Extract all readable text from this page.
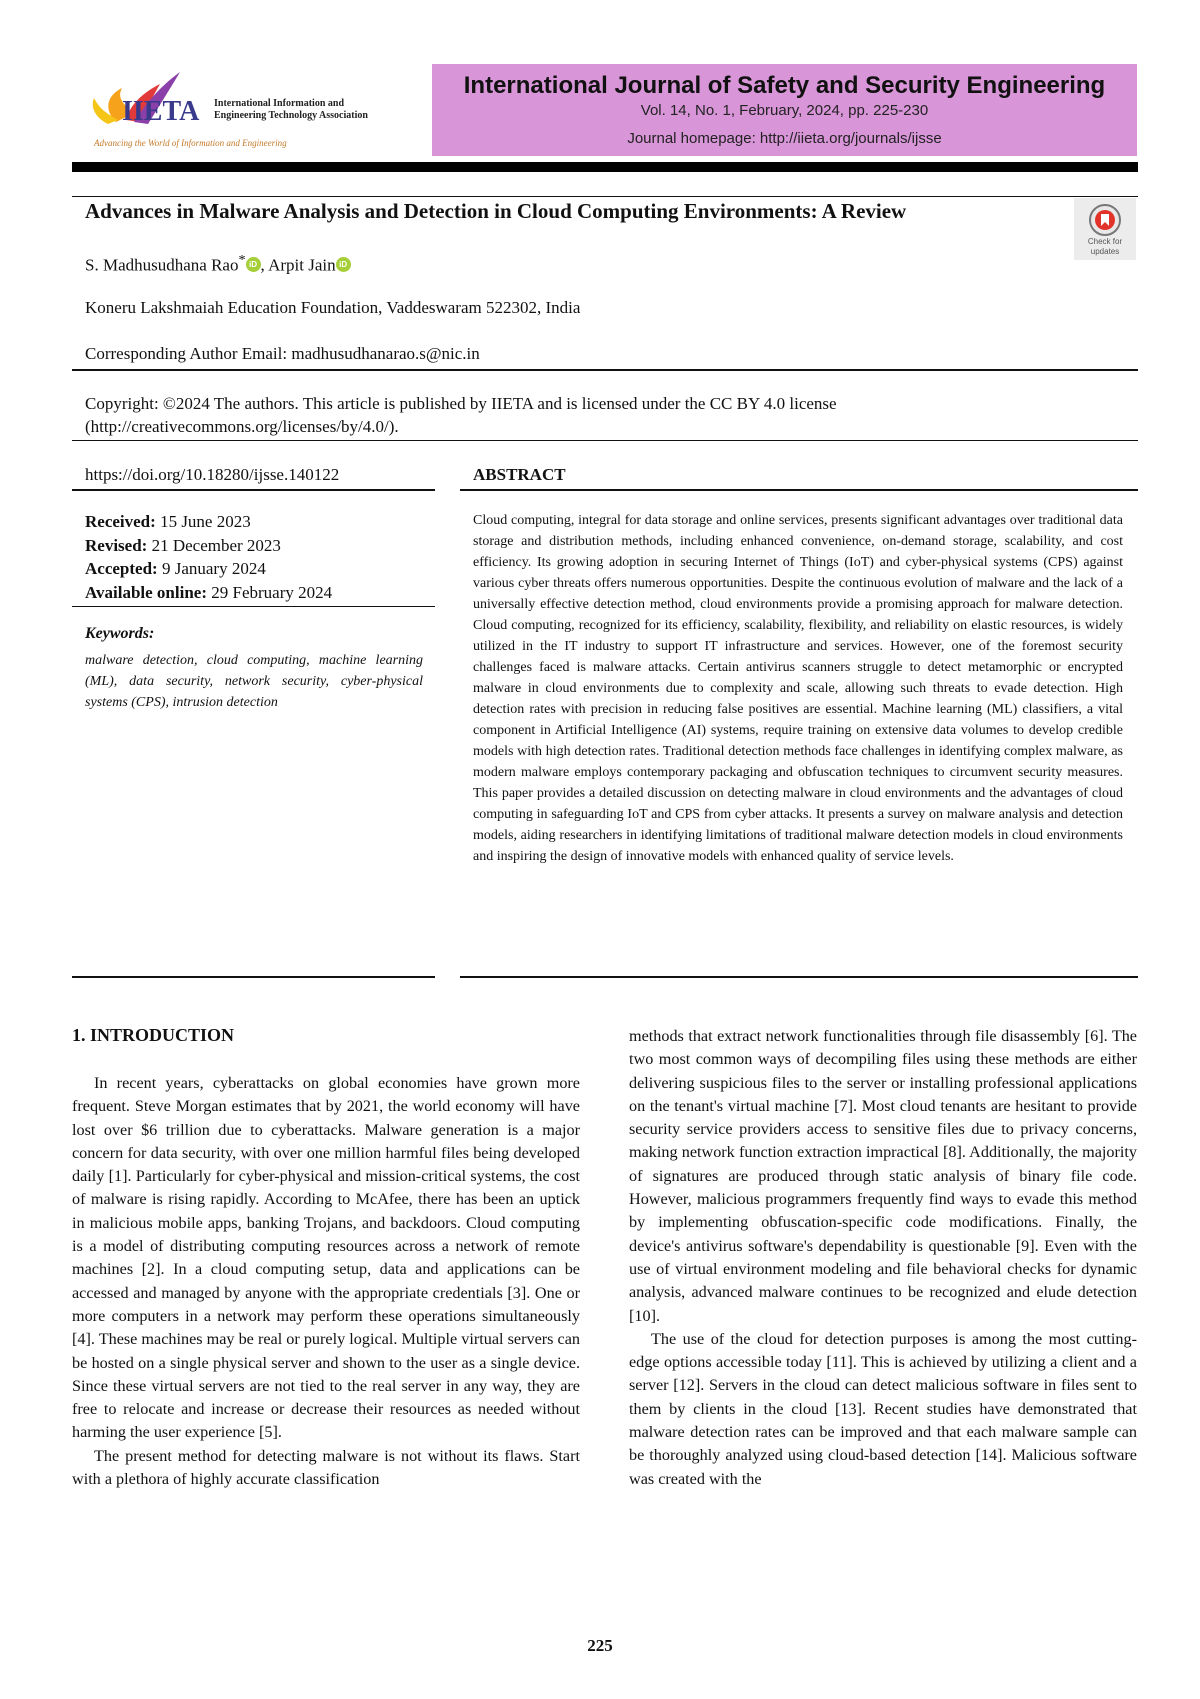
IIETA International Information and
Engineering Technology Association
Advancing the World of Information and Engineering
International Journal of Safety and Security Engineering
Vol. 14, No. 1, February, 2024, pp. 225-230
Journal homepage: http://iieta.org/journals/ijsse
Advances in Malware Analysis and Detection in Cloud Computing Environments: A Review
Check for
updates
S. Madhusudhana Rao* iD , Arpit Jain iD
Koneru Lakshmaiah Education Foundation, Vaddeswaram 522302, India
Corresponding Author Email: madhusudhanarao.s@nic.in
Copyright: ©2024 The authors. This article is published by IIETA and is licensed under the CC BY 4.0 license (http://creativecommons.org/licenses/by/4.0/).
https://doi.org/10.18280/ijsse.140122
Received: 15 June 2023
Revised: 21 December 2023
Accepted: 9 January 2024
Available online: 29 February 2024
Keywords:
malware detection, cloud computing, machine learning (ML), data security, network security, cyber-physical systems (CPS), intrusion detection
ABSTRACT
Cloud computing, integral for data storage and online services, presents significant advantages over traditional data storage and distribution methods, including enhanced convenience, on-demand storage, scalability, and cost efficiency. Its growing adoption in securing Internet of Things (IoT) and cyber-physical systems (CPS) against various cyber threats offers numerous opportunities. Despite the continuous evolution of malware and the lack of a universally effective detection method, cloud environments provide a promising approach for malware detection. Cloud computing, recognized for its efficiency, scalability, flexibility, and reliability on elastic resources, is widely utilized in the IT industry to support IT infrastructure and services. However, one of the foremost security challenges faced is malware attacks. Certain antivirus scanners struggle to detect metamorphic or encrypted malware in cloud environments due to complexity and scale, allowing such threats to evade detection. High detection rates with precision in reducing false positives are essential. Machine learning (ML) classifiers, a vital component in Artificial Intelligence (AI) systems, require training on extensive data volumes to develop credible models with high detection rates. Traditional detection methods face challenges in identifying complex malware, as modern malware employs contemporary packaging and obfuscation techniques to circumvent security measures. This paper provides a detailed discussion on detecting malware in cloud environments and the advantages of cloud computing in safeguarding IoT and CPS from cyber attacks. It presents a survey on malware analysis and detection models, aiding researchers in identifying limitations of traditional malware detection models in cloud environments and inspiring the design of innovative models with enhanced quality of service levels.
1. INTRODUCTION

In recent years, cyberattacks on global economies have grown more frequent. Steve Morgan estimates that by 2021, the world economy will have lost over $6 trillion due to cyberattacks. Malware generation is a major concern for data security, with over one million harmful files being developed daily [1]. Particularly for cyber-physical and mission-critical systems, the cost of malware is rising rapidly. According to McAfee, there has been an uptick in malicious mobile apps, banking Trojans, and backdoors. Cloud computing is a model of distributing computing resources across a network of remote machines [2]. In a cloud computing setup, data and applications can be accessed and managed by anyone with the appropriate credentials [3]. One or more computers in a network may perform these operations simultaneously [4]. These machines may be real or purely logical. Multiple virtual servers can be hosted on a single physical server and shown to the user as a single device. Since these virtual servers are not tied to the real server in any way, they are free to relocate and increase or decrease their resources as needed without harming the user experience [5].

The present method for detecting malware is not without its flaws. Start with a plethora of highly accurate classification

methods that extract network functionalities through file disassembly [6]. The two most common ways of decompiling files using these methods are either delivering suspicious files to the server or installing professional applications on the tenant's virtual machine [7]. Most cloud tenants are hesitant to provide security service providers access to sensitive files due to privacy concerns, making network function extraction impractical [8]. Additionally, the majority of signatures are produced through static analysis of binary file code. However, malicious programmers frequently find ways to evade this method by implementing obfuscation-specific code modifications. Finally, the device's antivirus software's dependability is questionable [9]. Even with the use of virtual environment modeling and file behavioral checks for dynamic analysis, advanced malware continues to be recognized and elude detection [10].

The use of the cloud for detection purposes is among the most cutting-edge options accessible today [11]. This is achieved by utilizing a client and a server [12]. Servers in the cloud can detect malicious software in files sent to them by clients in the cloud [13]. Recent studies have demonstrated that malware detection rates can be improved and that each malware sample can be thoroughly analyzed using cloud-based detection [14]. Malicious software was created with the

225
